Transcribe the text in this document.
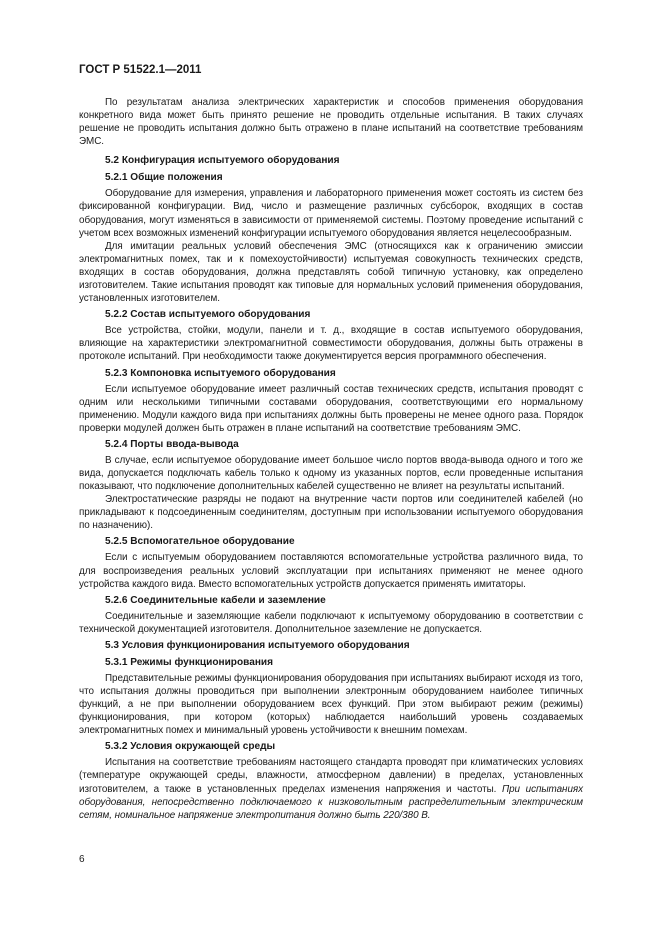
ГОСТ Р 51522.1—2011

По результатам анализа электрических характеристик и способов применения оборудования конкретного вида может быть принято решение не проводить отдельные испытания. В таких случаях решение не проводить испытания должно быть отражено в плане испытаний на соответствие требованиям ЭМС.

5.2 Конфигурация испытуемого оборудования
5.2.1 Общие положения

Оборудование для измерения, управления и лабораторного применения может состоять из систем без фиксированной конфигурации. Вид, число и размещение различных субсборок, входящих в состав оборудования, могут изменяться в зависимости от применяемой системы. Поэтому проведение испытаний с учетом всех возможных изменений конфигурации испытуемого оборудования является нецелесообразным.

Для имитации реальных условий обеспечения ЭМС (относящихся как к ограничению эмиссии электромагнитных помех, так и к помехоустойчивости) испытуемая совокупность технических средств, входящих в состав оборудования, должна представлять собой типичную установку, как определено изготовителем. Такие испытания проводят как типовые для нормальных условий применения оборудования, установленных изготовителем.

5.2.2 Состав испытуемого оборудования

Все устройства, стойки, модули, панели и т. д., входящие в состав испытуемого оборудования, влияющие на характеристики электромагнитной совместимости оборудования, должны быть отражены в протоколе испытаний. При необходимости также документируется версия программного обеспечения.

5.2.3 Компоновка испытуемого оборудования

Если испытуемое оборудование имеет различный состав технических средств, испытания проводят с одним или несколькими типичными составами оборудования, соответствующими его нормальному применению. Модули каждого вида при испытаниях должны быть проверены не менее одного раза. Порядок проверки модулей должен быть отражен в плане испытаний на соответствие требованиям ЭМС.

5.2.4 Порты ввода-вывода

В случае, если испытуемое оборудование имеет большое число портов ввода-вывода одного и того же вида, допускается подключать кабель только к одному из указанных портов, если проведенные испытания показывают, что подключение дополнительных кабелей существенно не влияет на результаты испытаний.

Электростатические разряды не подают на внутренние части портов или соединителей кабелей (но прикладывают к подсоединенным соединителям, доступным при использовании испытуемого оборудования по назначению).

5.2.5 Вспомогательное оборудование

Если с испытуемым оборудованием поставляются вспомогательные устройства различного вида, то для воспроизведения реальных условий эксплуатации при испытаниях применяют не менее одного устройства каждого вида. Вместо вспомогательных устройств допускается применять имитаторы.

5.2.6 Соединительные кабели и заземление

Соединительные и заземляющие кабели подключают к испытуемому оборудованию в соответствии с технической документацией изготовителя. Дополнительное заземление не допускается.

5.3 Условия функционирования испытуемого оборудования
5.3.1 Режимы функционирования

Представительные режимы функционирования оборудования при испытаниях выбирают исходя из того, что испытания должны проводиться при выполнении электронным оборудованием наиболее типичных функций, а не при выполнении оборудованием всех функций. При этом выбирают режим (режимы) функционирования, при котором (которых) наблюдается наибольший уровень создаваемых электромагнитных помех и минимальный уровень устойчивости к внешним помехам.

5.3.2 Условия окружающей среды

Испытания на соответствие требованиям настоящего стандарта проводят при климатических условиях (температуре окружающей среды, влажности, атмосферном давлении) в пределах, установленных изготовителем, а также в установленных пределах изменения напряжения и частоты. При испытаниях оборудования, непосредственно подключаемого к низковольтным распределительным электрическим сетям, номинальное напряжение электропитания должно быть 220/380 В.

6
